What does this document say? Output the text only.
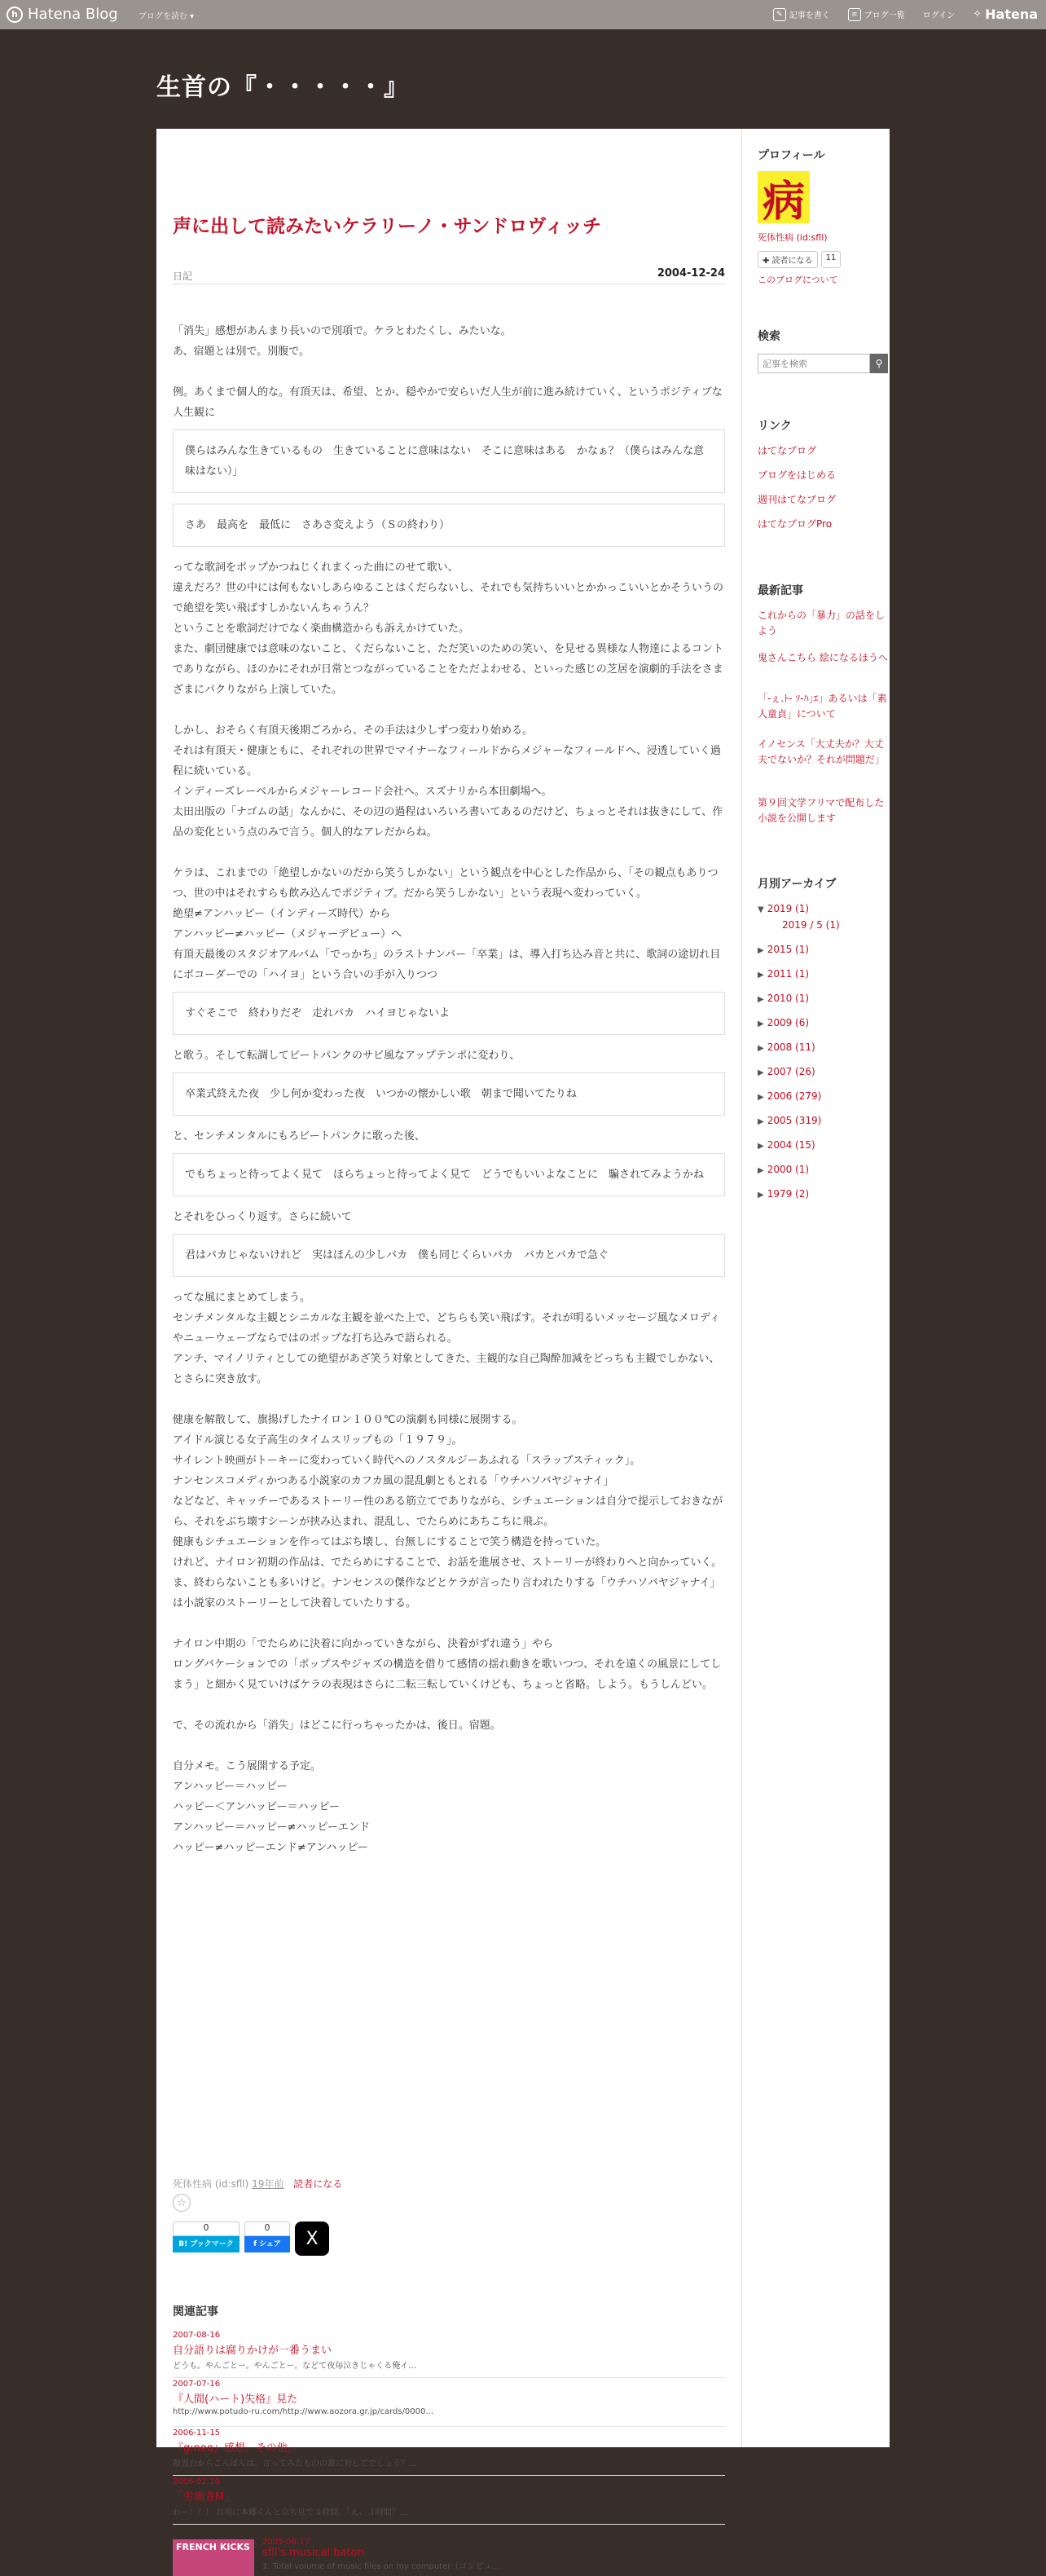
h Hatena Blog	ブログを読む ▾	✎ 記事を書く	≡ ブログ一覧 ログイン ✧ Hatena
生首の『・・・・・』
声に出して読みたいケラリーノ・サンドロヴィッチ
日記	2004-12-24

「消失」感想があんまり長いので別項で。ケラとわたくし、みたいな。

あ、宿題とは別で。別腹で。

例。あくまで個人的な。有頂天は、希望、とか、穏やかで安らいだ人生が前に進み続けていく、というポジティブな人生観に

僕らはみんな生きているもの　生きていることに意味はない　そこに意味はある　かなぁ？（僕らはみんな意味はない）」

さあ　最高を　最低に　さあさ変えよう（Ｓの終わり）

ってな歌詞をポップかつねじくれまくった曲にのせて歌い、

違えだろ？世の中には何もないしあらゆることはくだらないし、それでも気持ちいいとかかっこいいとかそういうので絶望を笑い飛ばすしかないんちゃうん？

ということを歌詞だけでなく楽曲構造からも訴えかけていた。

また、劇団健康では意味のないこと、くだらないこと、ただ笑いのための笑い、を見せる異様な人物達によるコントでありながら、ほのかにそれが日常とつながっていることをただよわせる、といった感じの芝居を演劇的手法をさまざまにパクりながら上演していた。

しかし、おそらく有頂天後期ごろから、その手法は少しずつ変わり始める。

それは有頂天・健康ともに、それぞれの世界でマイナーなフィールドからメジャーなフィールドへ、浸透していく過程に続いている。

インディーズレーベルからメジャーレコード会社へ。スズナリから本田劇場へ。

太田出版の「ナゴムの話」なんかに、その辺の過程はいろいろ書いてあるのだけど、ちょっとそれは抜きにして、作品の変化という点のみで言う。個人的なアレだからね。

ケラは、これまでの「絶望しかないのだから笑うしかない」という観点を中心とした作品から、「その観点もありつつ、世の中はそれすらも飲み込んでポジティブ。だから笑うしかない」という表現へ変わっていく。

絶望≠アンハッピー（インディーズ時代）から

アンハッピー≠ハッピー（メジャーデビュー）へ

有頂天最後のスタジオアルバム「でっかち」のラストナンバー「卒業」は、導入打ち込み音と共に、歌詞の途切れ目にボコーダーでの「ハイヨ」という合いの手が入りつつ

すぐそこで　終わりだぞ　走れバカ　ハイヨじゃないよ

と歌う。そして転調してビートパンクのサビ風なアップテンポに変わり、

卒業式終えた夜　少し何か変わった夜　いつかの懐かしい歌　朝まで聞いてたりね

と、センチメンタルにもろビートパンクに歌った後、

でもちょっと待ってよく見て　ほらちょっと待ってよく見て　どうでもいいよなことに　騙されてみようかね

とそれをひっくり返す。さらに続いて

君はバカじゃないけれど　実はほんの少しバカ　僕も同じくらいバカ　バカとバカで急ぐ

ってな風にまとめてしまう。

センチメンタルな主観とシニカルな主観を並べた上で、どちらも笑い飛ばす。それが明るいメッセージ風なメロディやニューウェーブならではのポップな打ち込みで語られる。

アンチ、マイノリティとしての絶望があざ笑う対象としてきた、主観的な自己陶酔加減をどっちも主観でしかない、とさらに突き放す。

健康を解散して、旗揚げしたナイロン１００℃の演劇も同様に展開する。

アイドル演じる女子高生のタイムスリップもの「１９７９」。

サイレント映画がトーキーに変わっていく時代へのノスタルジーあふれる「スラップスティック」。

ナンセンスコメディかつある小説家のカフカ風の混乱劇ともとれる「ウチハソバヤジャナイ」

などなど、キャッチーであるストーリー性のある筋立てでありながら、シチュエーションは自分で提示しておきながら、それをぶち壊すシーンが挟み込まれ、混乱し、でたらめにあちこちに飛ぶ。

健康もシチュエーションを作ってはぶち壊し、台無しにすることで笑う構造を持っていた。

けれど、ナイロン初期の作品は、でたらめにすることで、お話を進展させ、ストーリーが終わりへと向かっていく。ま、終わらないことも多いけど。ナンセンスの傑作などとケラが言ったり言われたりする「ウチハソバヤジャナイ」は小説家のストーリーとして決着していたりする。

ナイロン中期の「でたらめに決着に向かっていきながら、決着がずれ違う」やら

ロングバケーションでの「ポップスやジャズの構造を借りて感情の揺れ動きを歌いつつ、それを遠くの風景にしてしまう」と細かく見ていけばケラの表現はさらに二転三転していくけども、ちょっと省略。しよう。もうしんどい。

で、その流れから「消失」はどこに行っちゃったかは、後日。宿題。

自分メモ。こう展開する予定。

アンハッピー＝ハッピー

ハッピー＜アンハッピー＝ハッピー

アンハッピー＝ハッピー≠ハッピーエンド

ハッピー≠ハッピーエンド≠アンハッピー

死体性病 (id:sfll) 19年前 読者になる
☆
0
B! ブックマーク
0
f シェア	X
関連記事
2007-08-16
自分語りは腐りかけが一番うまい
どうも。やんごとー。やんごとー。などて夜毎泣きじゃくる俺イ…
2007-07-16
『人間(ハート)失格』見た
http://www.potudo-ru.com/http://www.aozora.gr.jp/cards/0000…
2006-11-15
『g:neo』感想。その他。
殺置台からこんばんは。言ってみたものの誰に対してでしょう？…
2006-02-20
「労働者M」
わー！！！ 台場に本郷くんと立ち見で３時間。「え、３時間？…
FRENCH KICKS	2005-06-17
sfll's musical baton
1. Total volume of music files on my computer（コンピュ…
プロフィール
病
死体性病 (id:sfll)
✚ 読者になる	11
このブログについて
検索
記事を検索
⚲
リンク
はてなブログ
ブログをはじめる
週刊はてなブログ
はてなブログPro
最新記事
これからの「暴力」の話をしよう
鬼さんこちら 絵になるほうへ
「-ぇ.ﾄ- ｿ-ﾊ｣ｴ」あるいは「素人童貞」について
イノセンス「大丈夫か？大丈夫でないか？それが問題だ」
第９回文学フリマで配布した小説を公開します
月別アーカイブ
▼ 2019 (1)
2019 / 5 (1)
▶ 2015 (1)
▶ 2011 (1)
▶ 2010 (1)
▶ 2009 (6)
▶ 2008 (11)
▶ 2007 (26)
▶ 2006 (279)
▶ 2005 (319)
▶ 2004 (15)
▶ 2000 (1)
▶ 1979 (2)
